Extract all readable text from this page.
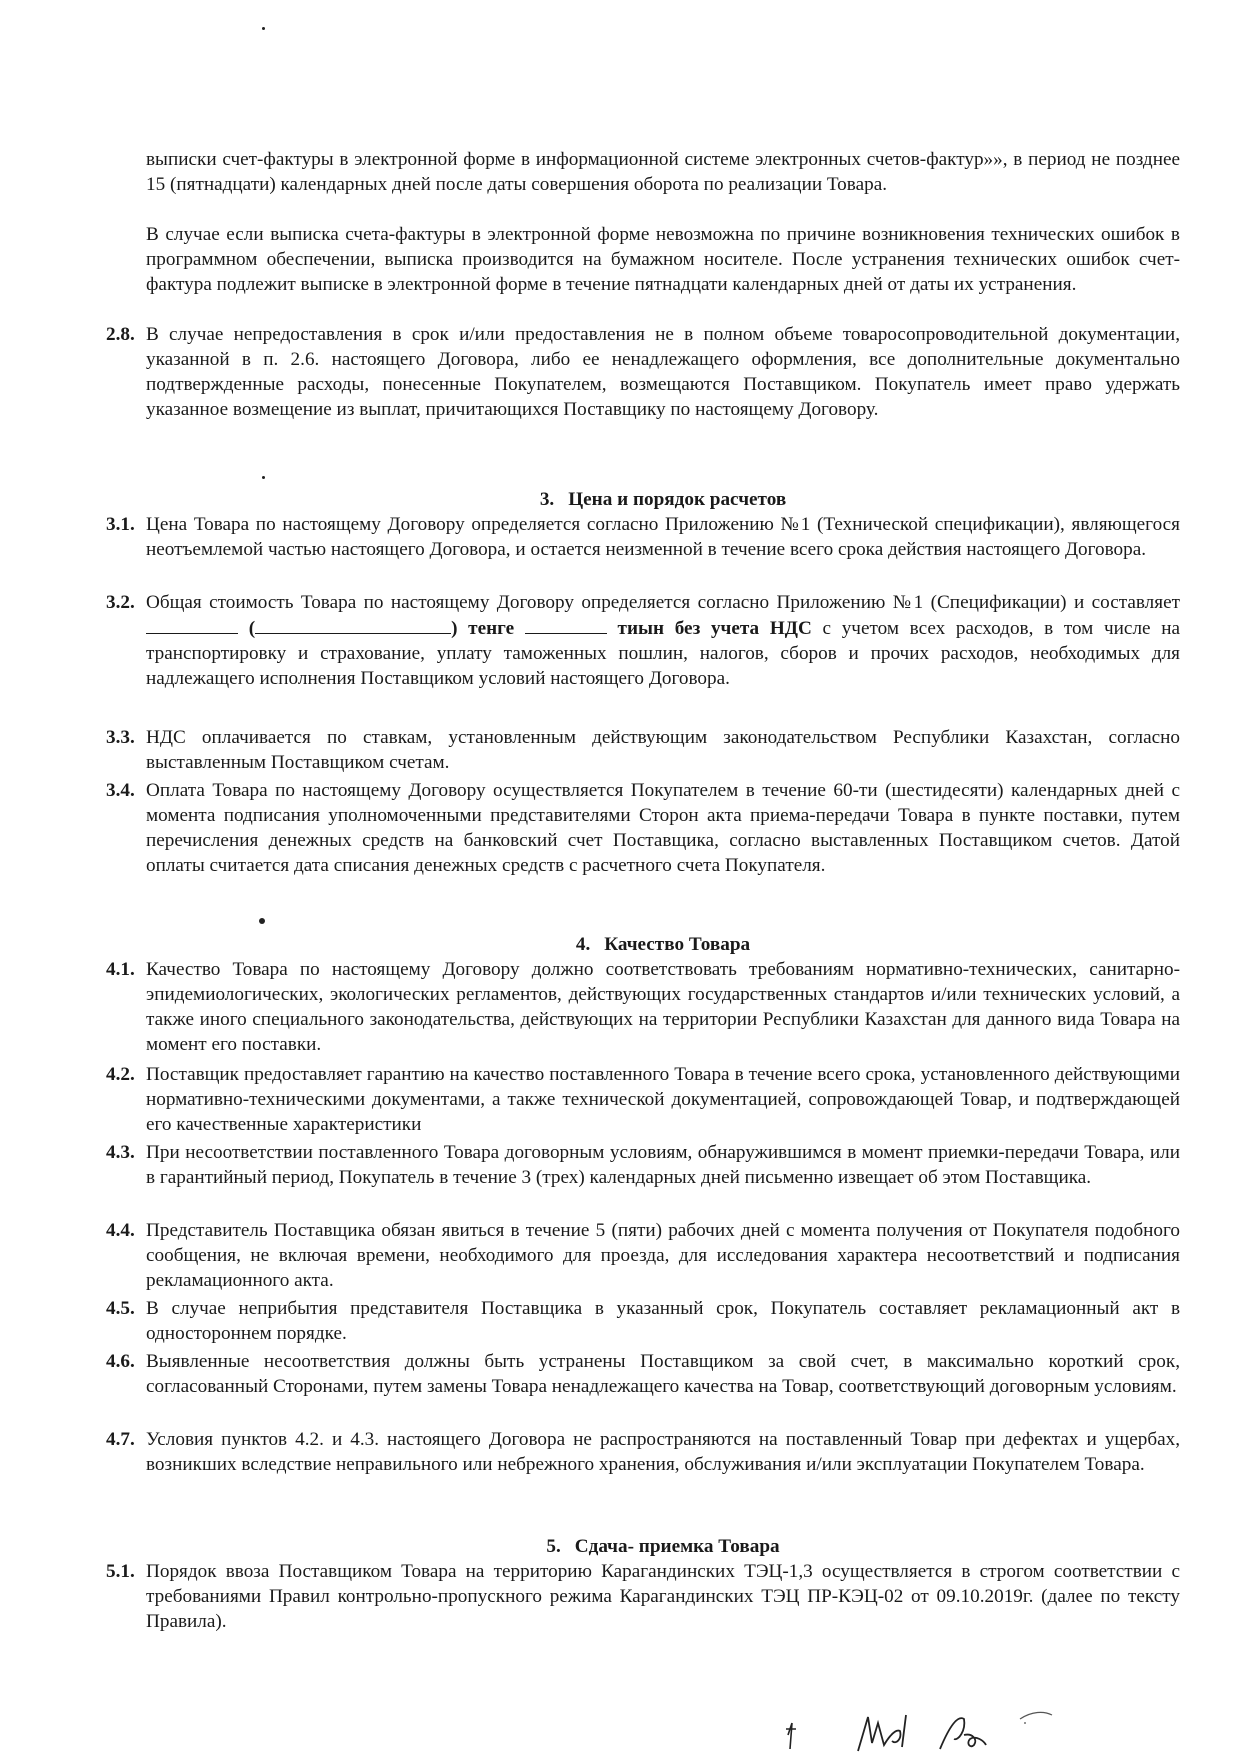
выписки счет-фактуры в электронной форме в информационной системе электронных счетов-фактур»», в период не позднее 15 (пятнадцати) календарных дней после даты совершения оборота по реализации Товара.
В случае если выписка счета-фактуры в электронной форме невозможна по причине возникновения технических ошибок в программном обеспечении, выписка производится на бумажном носителе. После устранения технических ошибок счет-фактура подлежит выписке в электронной форме в течение пятнадцати календарных дней от даты их устранения.
2.8. В случае непредоставления в срок и/или предоставления не в полном объеме товаросопроводительной документации, указанной в п. 2.6. настоящего Договора, либо ее ненадлежащего оформления, все дополнительные документально подтвержденные расходы, понесенные Покупателем, возмещаются Поставщиком. Покупатель имеет право удержать указанное возмещение из выплат, причитающихся Поставщику по настоящему Договору.
3. Цена и порядок расчетов
3.1. Цена Товара по настоящему Договору определяется согласно Приложению №1 (Технической спецификации), являющегося неотъемлемой частью настоящего Договора, и остается неизменной в течение всего срока действия настоящего Договора.
3.2. Общая стоимость Товара по настоящему Договору определяется согласно Приложению №1 (Спецификации) и составляет  (	) тенге	тиын без учета НДС с учетом всех расходов, в том числе на транспортировку и страхование, уплату таможенных пошлин, налогов, сборов и прочих расходов, необходимых для надлежащего исполнения Поставщиком условий настоящего Договора.
3.3. НДС оплачивается по ставкам, установленным действующим законодательством Республики Казахстан, согласно выставленным Поставщиком счетам.
3.4. Оплата Товара по настоящему Договору осуществляется Покупателем в течение 60-ти (шестидесяти) календарных дней с момента подписания уполномоченными представителями Сторон акта приема-передачи Товара в пункте поставки, путем перечисления денежных средств на банковский счет Поставщика, согласно выставленных Поставщиком счетов. Датой оплаты считается дата списания денежных средств с расчетного счета Покупателя.
4. Качество Товара
4.1. Качество Товара по настоящему Договору должно соответствовать требованиям нормативно-технических, санитарно-эпидемиологических, экологических регламентов, действующих государственных стандартов и/или технических условий, а также иного специального законодательства, действующих на территории Республики Казахстан для данного вида Товара на момент его поставки.
4.2. Поставщик предоставляет гарантию на качество поставленного Товара в течение всего срока, установленного действующими нормативно-техническими документами, а также технической документацией, сопровождающей Товар, и подтверждающей его качественные характеристики
4.3. При несоответствии поставленного Товара договорным условиям, обнаружившимся в момент приемки-передачи Товара, или в гарантийный период, Покупатель в течение 3 (трех) календарных дней письменно извещает об этом Поставщика.
4.4. Представитель Поставщика обязан явиться в течение 5 (пяти) рабочих дней с момента получения от Покупателя подобного сообщения, не включая времени, необходимого для проезда, для исследования характера несоответствий и подписания рекламационного акта.
4.5. В случае неприбытия представителя Поставщика в указанный срок, Покупатель составляет рекламационный акт в одностороннем порядке.
4.6. Выявленные несоответствия должны быть устранены Поставщиком за свой счет, в максимально короткий срок, согласованный Сторонами, путем замены Товара ненадлежащего качества на Товар, соответствующий договорным условиям.
4.7. Условия пунктов 4.2. и 4.3. настоящего Договора не распространяются на поставленный Товар при дефектах и ущербах, возникших вследствие неправильного или небрежного хранения, обслуживания и/или эксплуатации Покупателем Товара.
5. Сдача- приемка Товара
5.1. Порядок ввоза Поставщиком Товара на территорию Карагандинских ТЭЦ-1,3 осуществляется в строгом соответствии с требованиями Правил контрольно-пропускного режима Карагандинских ТЭЦ ПР-КЭЦ-02 от 09.10.2019г. (далее по тексту Правила).
